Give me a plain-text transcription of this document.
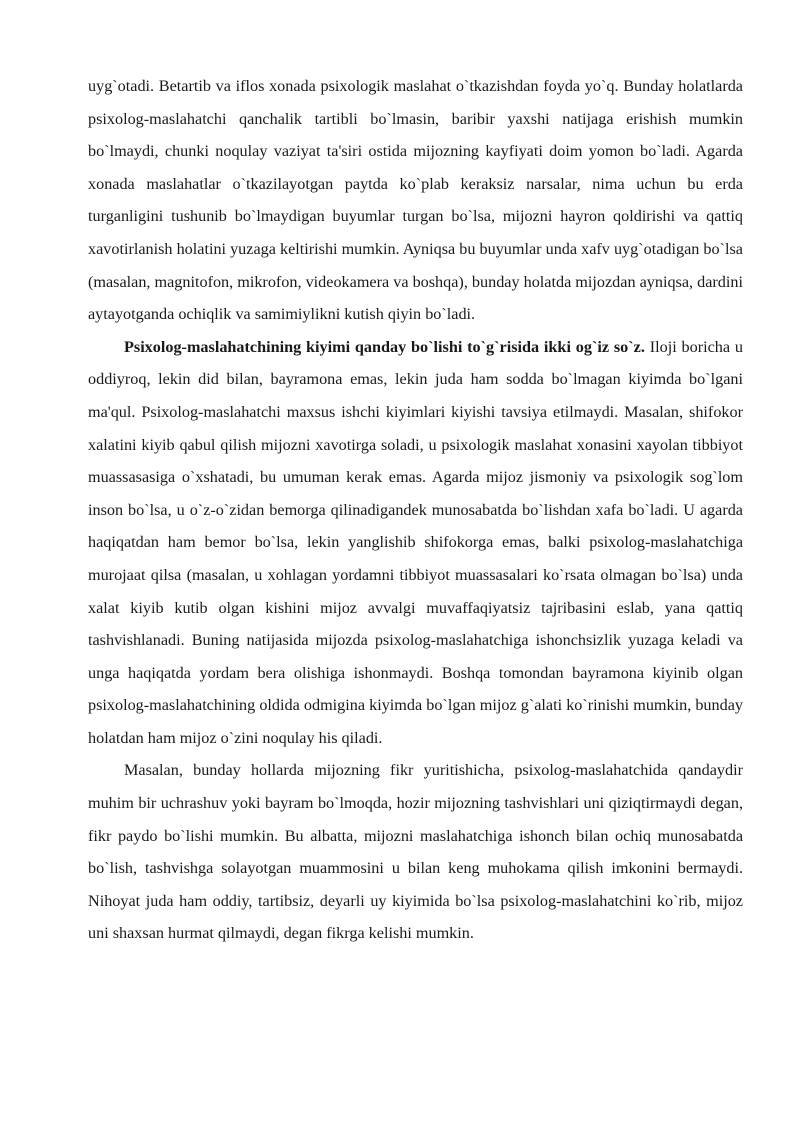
uyg`otadi. Betartib va iflos xonada psixologik maslahat o`tkazishdan foyda yo`q. Bunday holatlarda psixolog-maslahatchi qanchalik tartibli bo`lmasin, baribir yaxshi natijaga erishish mumkin bo`lmaydi, chunki noqulay vaziyat ta'siri ostida mijozning kayfiyati doim yomon bo`ladi. Agarda xonada maslahatlar o`tkazilayotgan paytda ko`plab keraksiz narsalar, nima uchun bu erda turganligini tushunib bo`lmaydigan buyumlar turgan bo`lsa, mijozni hayron qoldirishi va qattiq xavotirlanish holatini yuzaga keltirishi mumkin. Ayniqsa bu buyumlar unda xafv uyg`otadigan bo`lsa (masalan, magnitofon, mikrofon, videokamera va boshqa), bunday holatda mijozdan ayniqsa, dardini aytayotganda ochiqlik va samimiylikni kutish qiyin bo`ladi.

Psixolog-maslahatchining kiyimi qanday bo`lishi to`g`risida ikki og`iz so`z. Iloji boricha u oddiyroq, lekin did bilan, bayramona emas, lekin juda ham sodda bo`lmagan kiyimda bo`lgani ma'qul. Psixolog-maslahatchi maxsus ishchi kiyimlari kiyishi tavsiya etilmaydi. Masalan, shifokor xalatini kiyib qabul qilish mijozni xavotirga soladi, u psixologik maslahat xonasini xayolan tibbiyot muassasasiga o`xshatadi, bu umuman kerak emas. Agarda mijoz jismoniy va psixologik sog`lom inson bo`lsa, u o`z-o`zidan bemorga qilinadigandek munosabatda bo`lishdan xafa bo`ladi. U agarda haqiqatdan ham bemor bo`lsa, lekin yanglishib shifokorga emas, balki psixolog-maslahatchiga murojaat qilsa (masalan, u xohlagan yordamni tibbiyot muassasalari ko`rsata olmagan bo`lsa) unda xalat kiyib kutib olgan kishini mijoz avvalgi muvaffaqiyatsiz tajribasini eslab, yana qattiq tashvishlanadi. Buning natijasida mijozda psixolog-maslahatchiga ishonchsizlik yuzaga keladi va unga haqiqatda yordam bera olishiga ishonmaydi. Boshqa tomondan bayramona kiyinib olgan psixolog-maslahatchining oldida odmigina kiyimda bo`lgan mijoz g`alati ko`rinishi mumkin, bunday holatdan ham mijoz o`zini noqulay his qiladi.

Masalan, bunday hollarda mijozning fikr yuritishicha, psixolog-maslahatchida qandaydir muhim bir uchrashuv yoki bayram bo`lmoqda, hozir mijozning tashvishlari uni qiziqtirmaydi degan, fikr paydo bo`lishi mumkin. Bu albatta, mijozni maslahatchiga ishonch bilan ochiq munosabatda bo`lish, tashvishga solayotgan muammosini u bilan keng muhokama qilish imkonini bermaydi. Nihoyat juda ham oddiy, tartibsiz, deyarli uy kiyimida bo`lsa psixolog-maslahatchini ko`rib, mijoz uni shaxsan hurmat qilmaydi, degan fikrga kelishi mumkin.
